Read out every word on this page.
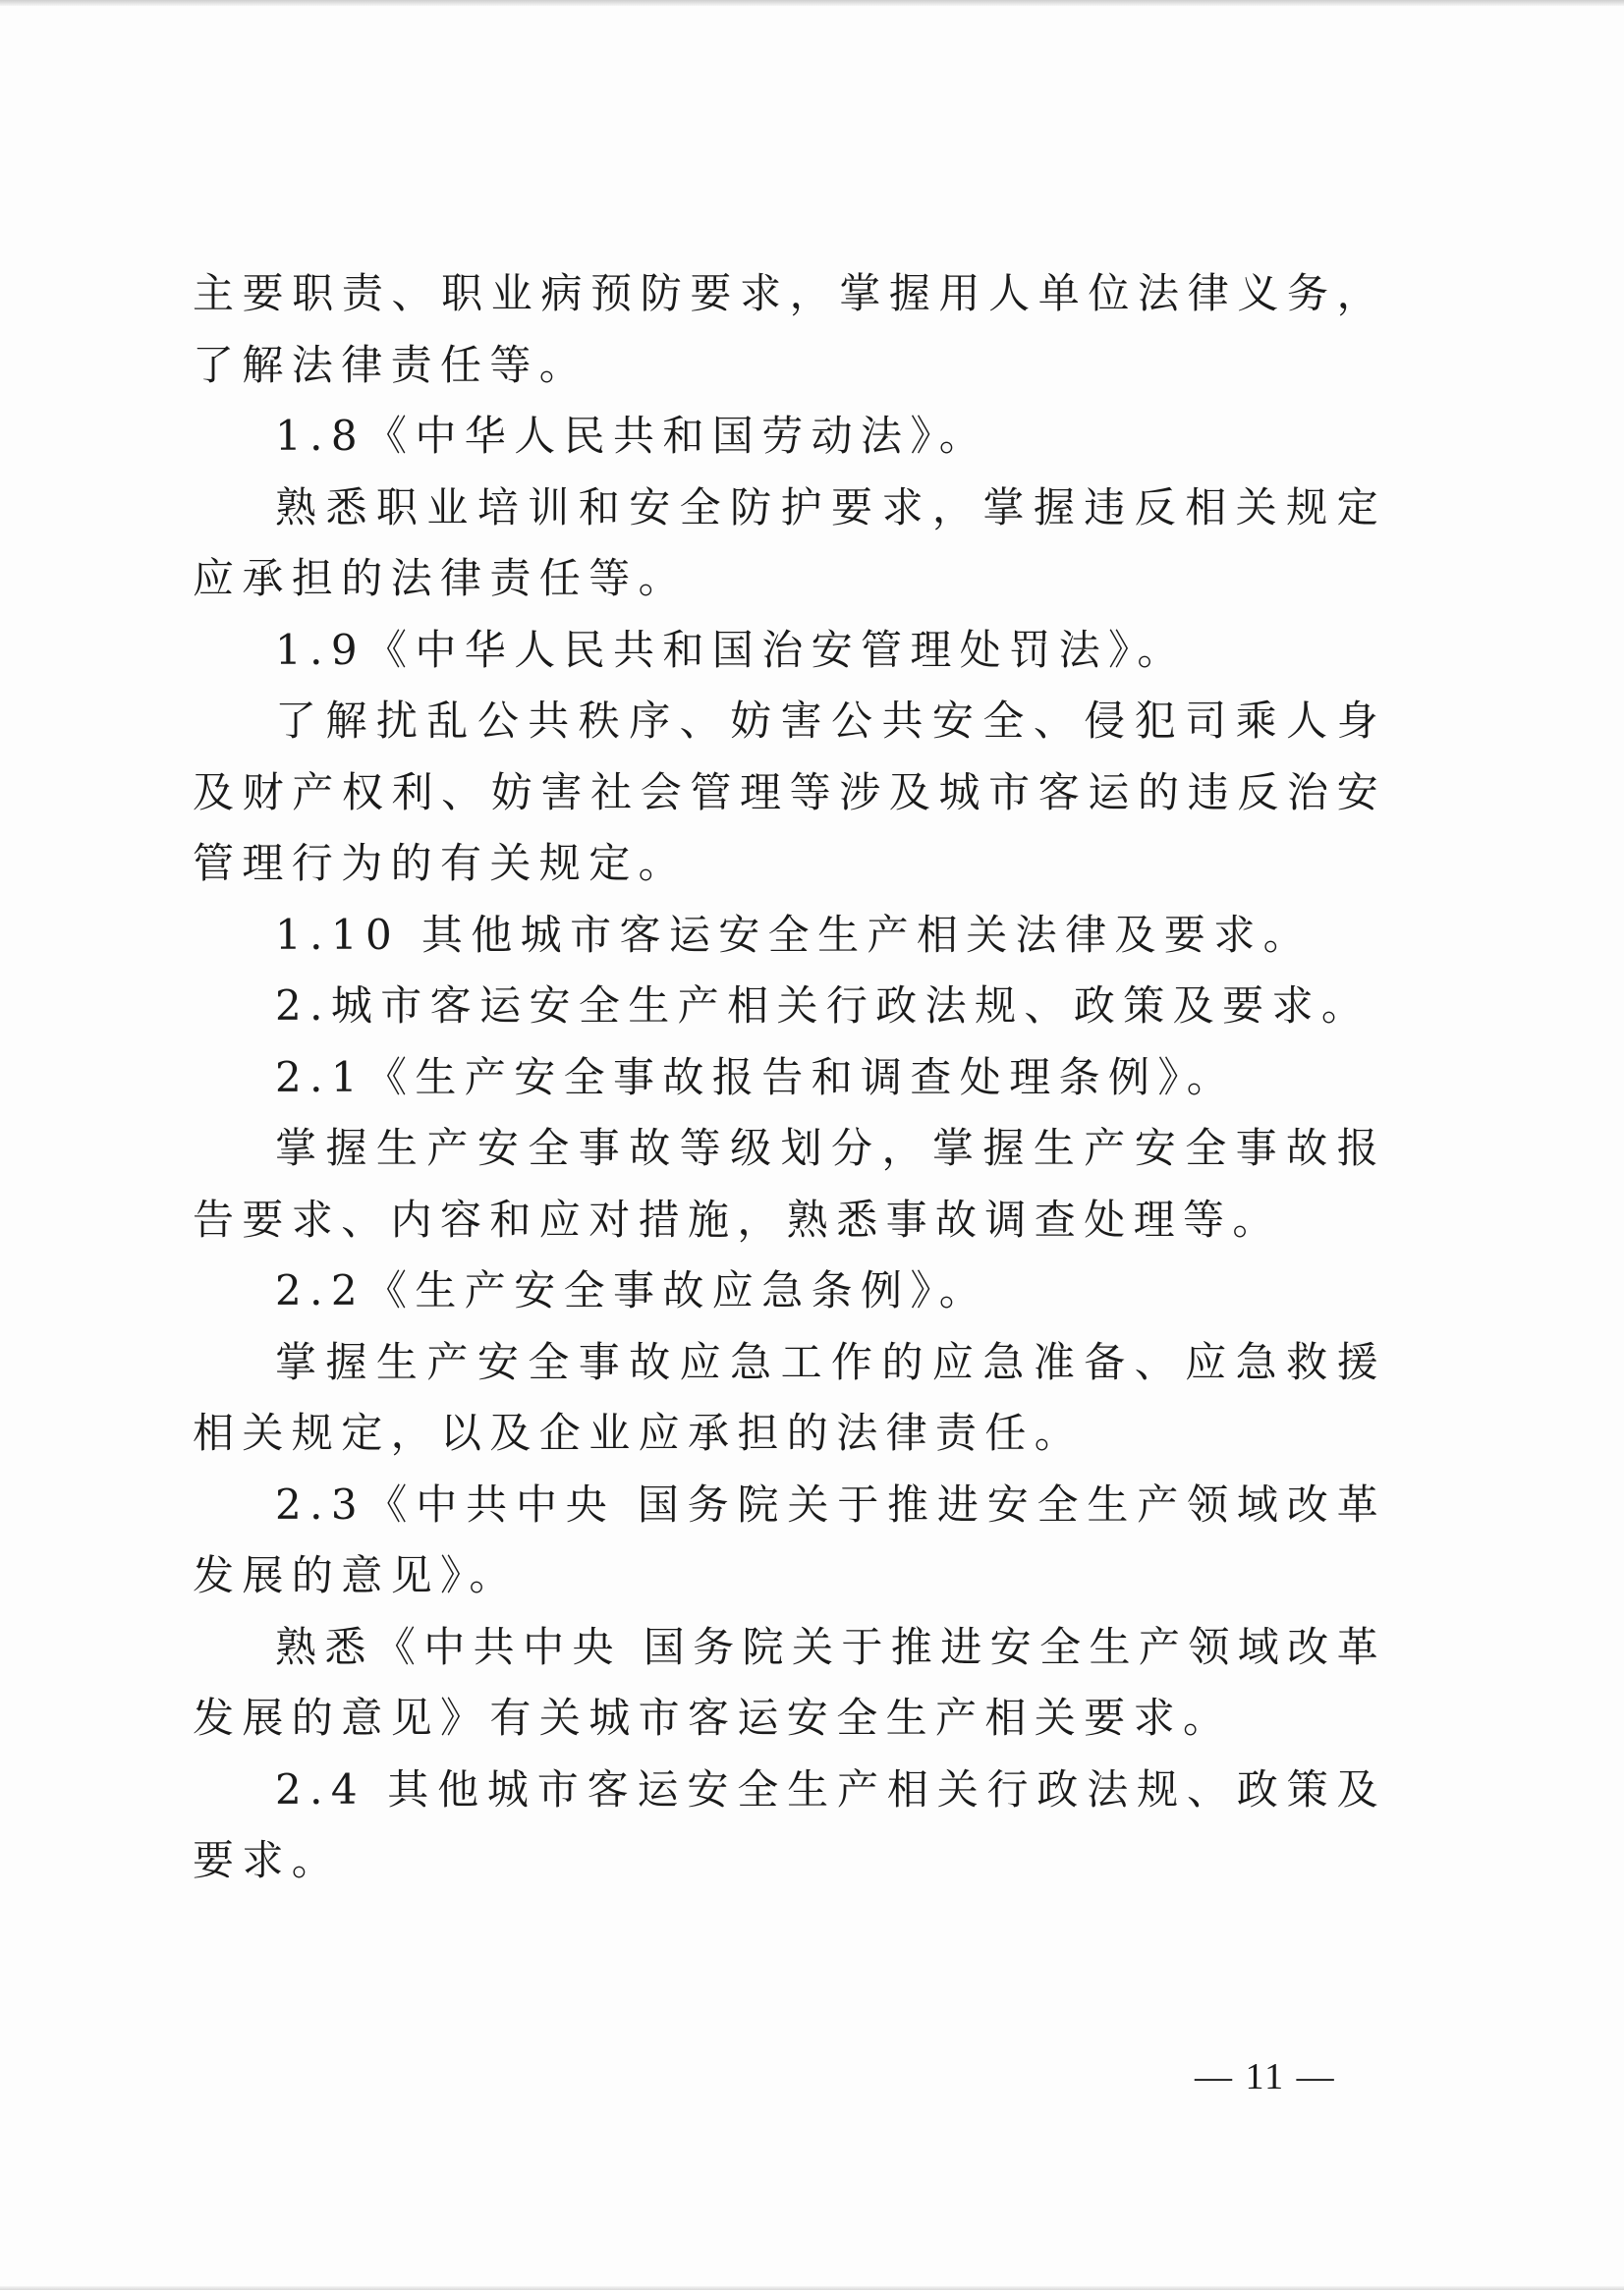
主要职责、职业病预防要求，掌握用人单位法律义务，了解法律责任等。

1.8《中华人民共和国劳动法》。

熟悉职业培训和安全防护要求，掌握违反相关规定应承担的法律责任等。

1.9《中华人民共和国治安管理处罚法》。

了解扰乱公共秩序、妨害公共安全、侵犯司乘人身及财产权利、妨害社会管理等涉及城市客运的违反治安管理行为的有关规定。

1.10 其他城市客运安全生产相关法律及要求。

2.城市客运安全生产相关行政法规、政策及要求。

2.1《生产安全事故报告和调查处理条例》。

掌握生产安全事故等级划分，掌握生产安全事故报告要求、内容和应对措施，熟悉事故调查处理等。

2.2《生产安全事故应急条例》。

掌握生产安全事故应急工作的应急准备、应急救援相关规定，以及企业应承担的法律责任。

2.3《中共中央 国务院关于推进安全生产领域改革发展的意见》。

熟悉《中共中央 国务院关于推进安全生产领域改革发展的意见》有关城市客运安全生产相关要求。

2.4 其他城市客运安全生产相关行政法规、政策及要求。

— 11 —
